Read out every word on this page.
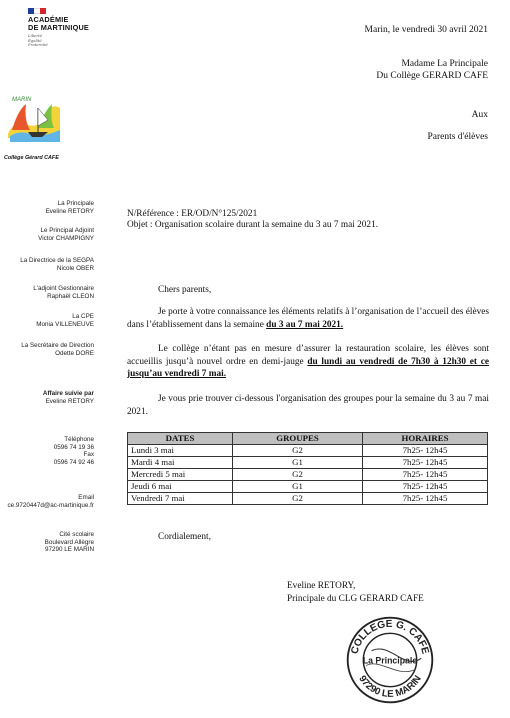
ACADÉMIE
DE MARTINIQUE
Liberté
Égalité
Fraternité
MARIN
Collège Gérard CAFE
Marin, le vendredi 30 avril 2021
Madame La Principale
Du Collège GERARD CAFE
Aux
Parents d'élèves
La Principale
Eveline RETORY
Le Principal Adjoint
Victor CHAMPIGNY
La Directrice de la SEGPA
Nicole OBER
L'adjoint Gestionnaire
Raphaël CLEON
La CPE
Monia VILLENEUVE
La Secrétaire de Direction
Odette DORE
Affaire suivie par
Eveline RETORY
Téléphone
0596 74 19 36
Fax
0596 74 92 46
Email
ce.9720447d@ac-martinique.fr
Cité scolaire
Boulevard Allègre
97290 LE MARIN
N/Référence : ER/OD/N°125/2021
Objet : Organisation scolaire durant la semaine du 3 au 7 mai 2021.
Chers parents,
Je porte à votre connaissance les éléments relatifs à l’organisation de l’accueil des élèves dans l’établissement dans la semaine du 3 au 7 mai 2021.
Le collège n’étant pas en mesure d’assurer la restauration scolaire, les élèves sont accueillis jusqu’à nouvel ordre en demi-jauge du lundi au vendredi de 7h30 à 12h30 et ce jusqu’au vendredi 7 mai.
Je vous prie trouver ci-dessous l'organisation des groupes pour la semaine du 3 au 7 mai 2021.
DATES	GROUPES	HORAIRES
Lundi 3 mai	G2	7h25- 12h45
Mardi 4 mai	G1	7h25- 12h45
Mercredi 5 mai	G2	7h25- 12h45
Jeudi 6 mai	G1	7h25- 12h45
Vendredi 7 mai	G2	7h25- 12h45
Cordialement,
Eveline RETORY,
Principale du CLG GERARD CAFE
COLLEGE G. CAFE
La Principale
97290 LE MARIN
